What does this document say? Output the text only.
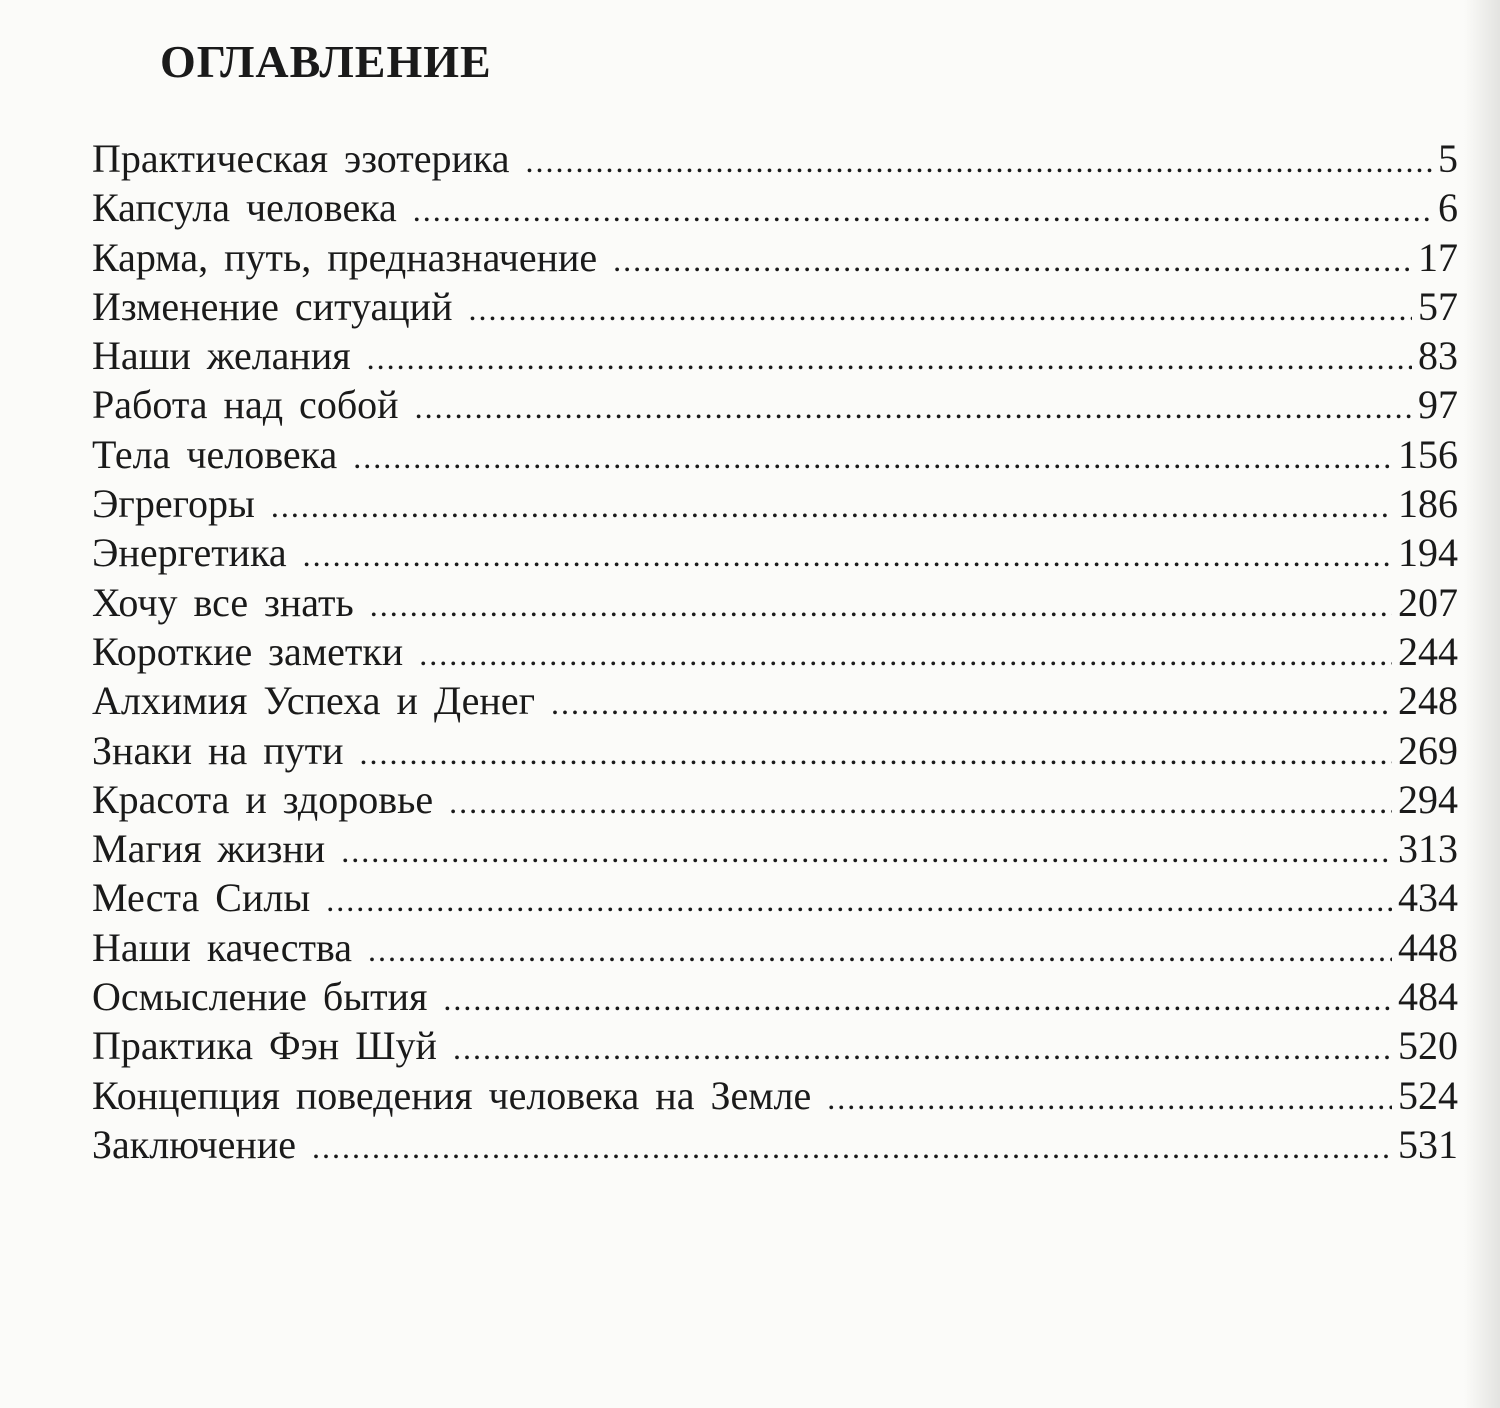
ОГЛАВЛЕНИЕ
Практическая эзотерика .....	5
Капсула человека .....	6
Карма, путь, предназначение .....	17
Изменение ситуаций .....	57
Наши желания .....	83
Работа над собой .....	97
Тела человека .....	156
Эгрегоры .....	186
Энергетика .....	194
Хочу все знать .....	207
Короткие заметки .....	244
Алхимия Успеха и Денег .....	248
Знаки на пути .....	269
Красота и здоровье .....	294
Магия жизни .....	313
Места Силы .....	434
Наши качества .....	448
Осмысление бытия .....	484
Практика Фэн Шуй .....	520
Концепция поведения человека на Земле .....	524
Заключение .....	531
